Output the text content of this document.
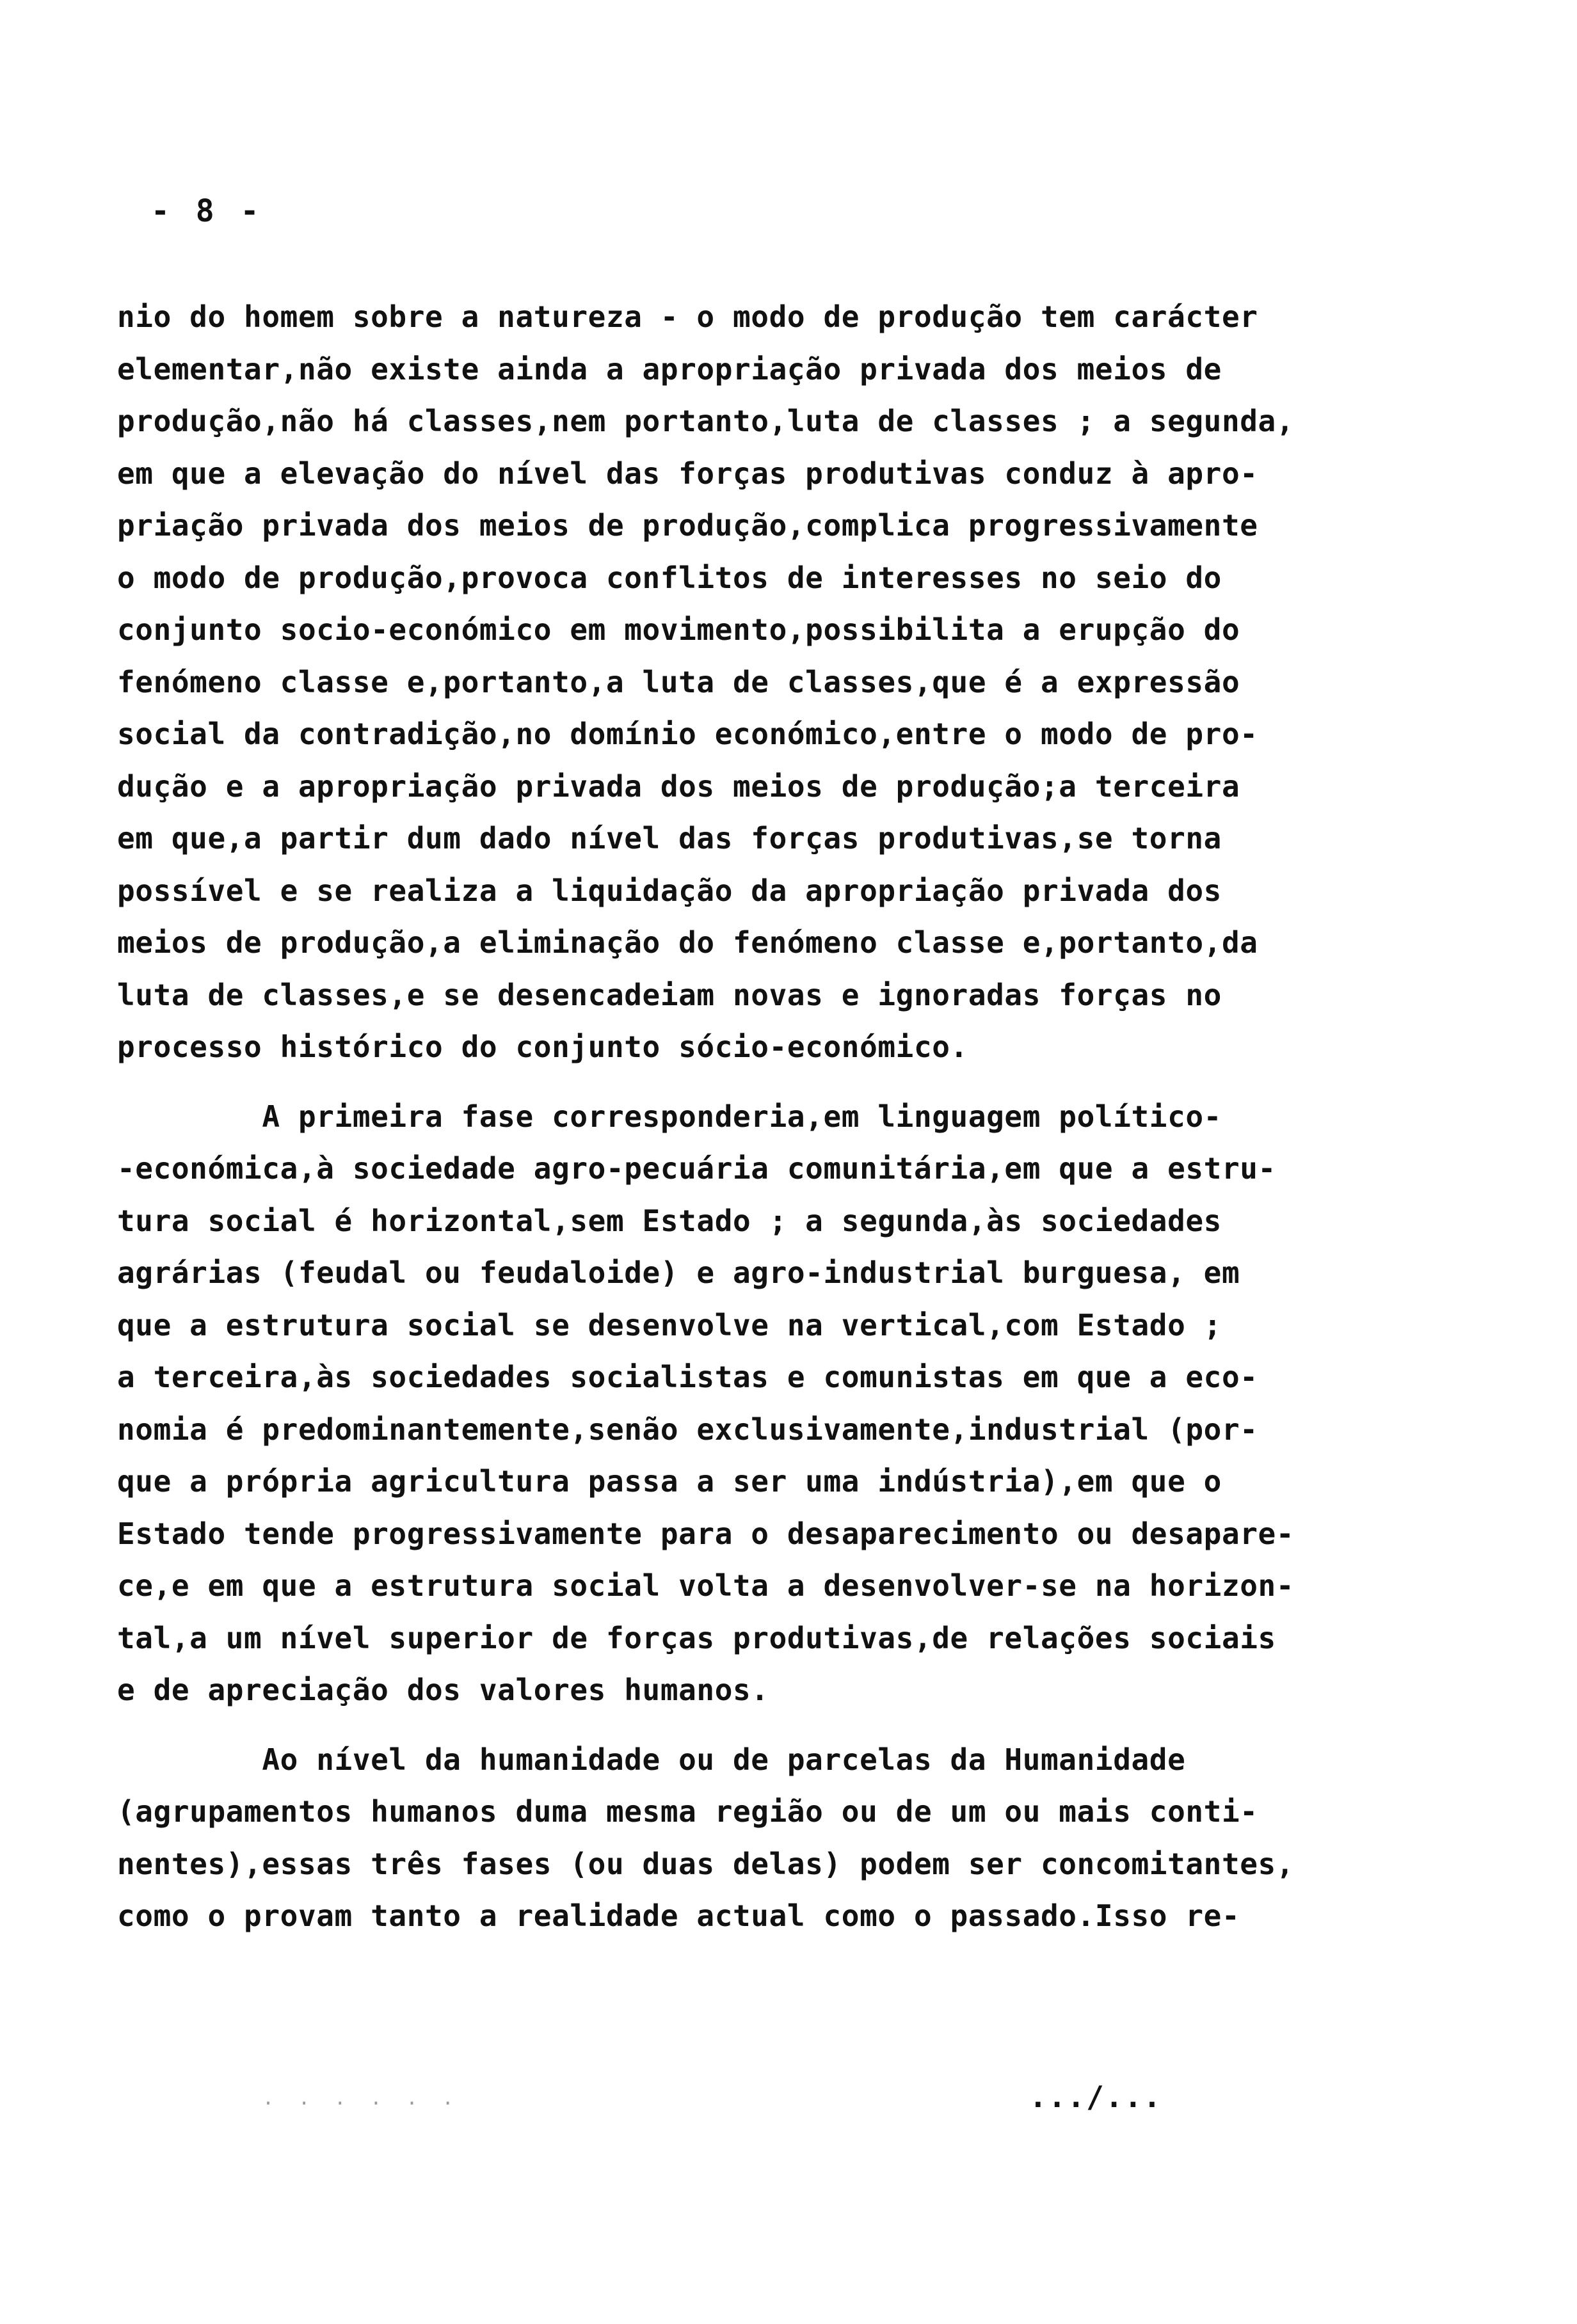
- 8 -
nio do homem sobre a natureza - o modo de produção tem carácter
elementar,não existe ainda a apropriação privada dos meios de
produção,não há classes,nem portanto,luta de classes ; a segunda,
em que a elevação do nível das forças produtivas conduz à apro-
priação privada dos meios de produção,complica progressivamente
o modo de produção,provoca conflitos de interesses no seio do
conjunto socio-económico em movimento,possibilita a erupção do
fenómeno classe e,portanto,a luta de classes,que é a expressão
social da contradição,no domínio económico,entre o modo de pro-
dução e a apropriação privada dos meios de produção;a terceira
em que,a partir dum dado nível das forças produtivas,se torna
possível e se realiza a liquidação da apropriação privada dos
meios de produção,a eliminação do fenómeno classe e,portanto,da
luta de classes,e se desencadeiam novas e ignoradas forças no
processo histórico do conjunto sócio-económico.
A primeira fase corresponderia,em linguagem político-
-económica,à sociedade agro-pecuária comunitária,em que a estru-
tura social é horizontal,sem Estado ; a segunda,às sociedades
agrárias (feudal ou feudaloide) e agro-industrial burguesa, em
que a estrutura social se desenvolve na vertical,com Estado ;
a terceira,às sociedades socialistas e comunistas em que a eco-
nomia é predominantemente,senão exclusivamente,industrial (por-
que a própria agricultura passa a ser uma indústria),em que o
Estado tende progressivamente para o desaparecimento ou desapare-
ce,e em que a estrutura social volta a desenvolver-se na horizon-
tal,a um nível superior de forças produtivas,de relações sociais
e de apreciação dos valores humanos.
Ao nível da humanidade ou de parcelas da Humanidade
(agrupamentos humanos duma mesma região ou de um ou mais conti-
nentes),essas três fases (ou duas delas) podem ser concomitantes,
como o provam tanto a realidade actual como o passado.Isso re-
. . . . . .	.../...
